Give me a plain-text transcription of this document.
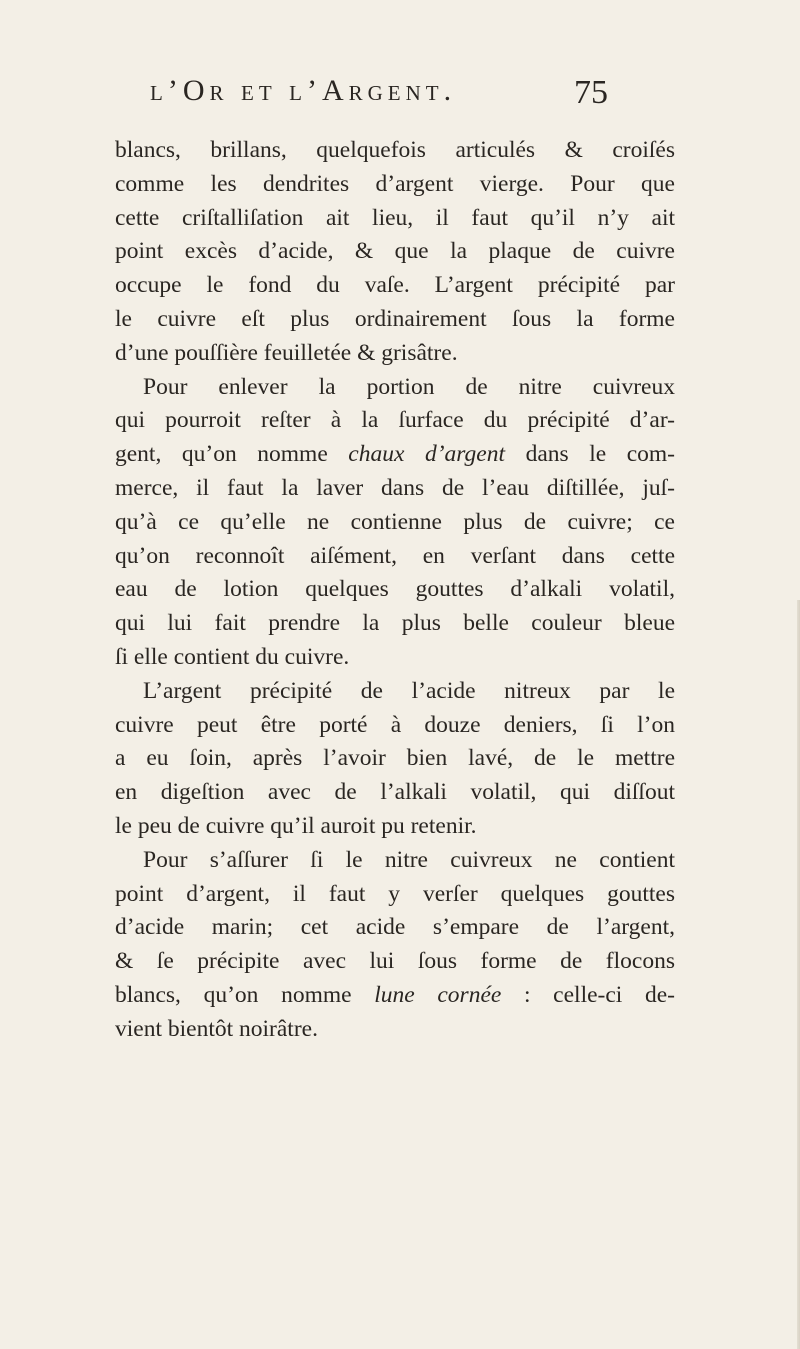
l’Or et l’Argent.	75
blancs, brillans, quelquefois articulés & croiſés
comme les dendrites d’argent vierge. Pour que
cette criſtalliſation ait lieu, il faut qu’il n’y ait
point excès d’acide, & que la plaque de cuivre
occupe le fond du vaſe. L’argent précipité par
le cuivre eſt plus ordinairement ſous la forme
d’une pouſſière feuilletée & grisâtre.
Pour enlever la portion de nitre cuivreux
qui pourroit reſter à la ſurface du précipité d’ar-
gent, qu’on nomme chaux d’argent dans le com-
merce, il faut la laver dans de l’eau diſtillée, juſ-
qu’à ce qu’elle ne contienne plus de cuivre; ce
qu’on reconnoît aiſément, en verſant dans cette
eau de lotion quelques gouttes d’alkali volatil,
qui lui fait prendre la plus belle couleur bleue
ſi elle contient du cuivre.
L’argent précipité de l’acide nitreux par le
cuivre peut être porté à douze deniers, ſi l’on
a eu ſoin, après l’avoir bien lavé, de le mettre
en digeſtion avec de l’alkali volatil, qui diſſout
le peu de cuivre qu’il auroit pu retenir.
Pour s’aſſurer ſi le nitre cuivreux ne contient
point d’argent, il faut y verſer quelques gouttes
d’acide marin; cet acide s’empare de l’argent,
& ſe précipite avec lui ſous forme de flocons
blancs, qu’on nomme lune cornée : celle-ci de-
vient bientôt noirâtre.
